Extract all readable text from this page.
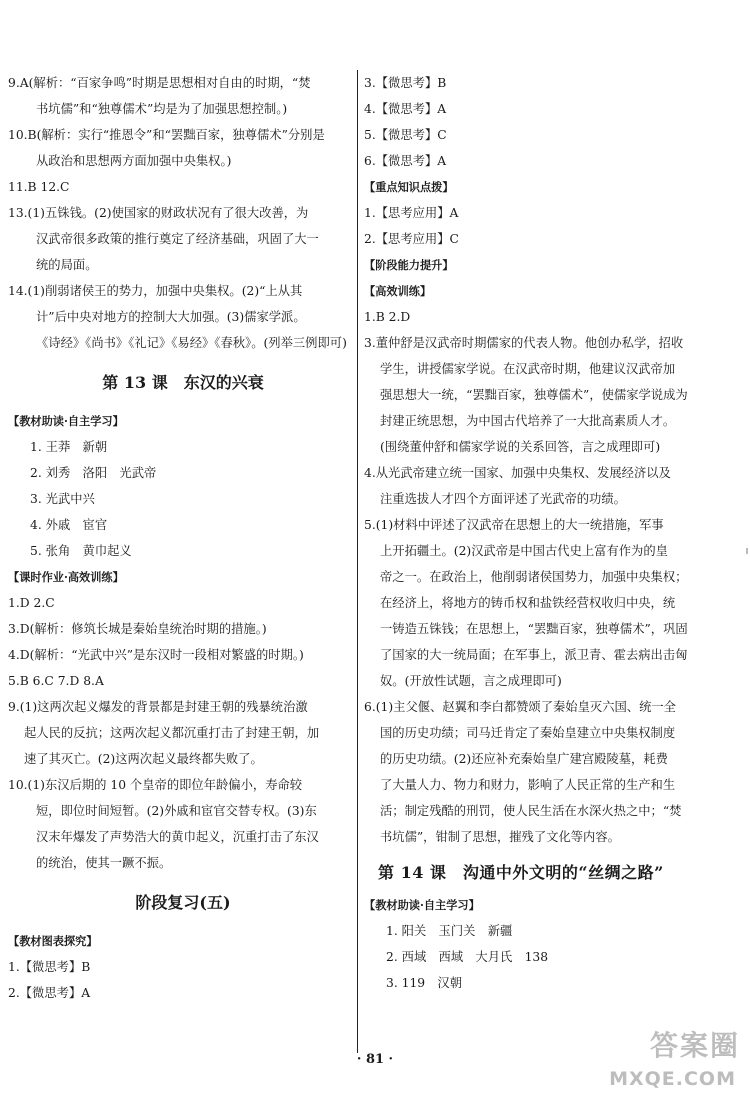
9.A(解析：“百家争鸣”时期是思想相对自由的时期，“焚
书坑儒”和“独尊儒术”均是为了加强思想控制。)
10.B(解析：实行“推恩令”和“罢黜百家，独尊儒术”分别是
从政治和思想两方面加强中央集权。)
11.B 12.C
13.(1)五铢钱。(2)使国家的财政状况有了很大改善，为
汉武帝很多政策的推行奠定了经济基础，巩固了大一
统的局面。
14.(1)削弱诸侯王的势力，加强中央集权。(2)“上从其
计”后中央对地方的控制大大加强。(3)儒家学派。
《诗经》《尚书》《礼记》《易经》《春秋》。(列举三例即可)
第 13 课　东汉的兴衰
【教材助读·自主学习】
1. 王莽　新朝
2. 刘秀　洛阳　光武帝
3. 光武中兴
4. 外戚　宦官
5. 张角　黄巾起义
【课时作业·高效训练】
1.D 2.C
3.D(解析：修筑长城是秦始皇统治时期的措施。)
4.D(解析：“光武中兴”是东汉时一段相对繁盛的时期。)
5.B 6.C 7.D 8.A
9.(1)这两次起义爆发的背景都是封建王朝的残暴统治激
起人民的反抗；这两次起义都沉重打击了封建王朝，加
速了其灭亡。(2)这两次起义最终都失败了。
10.(1)东汉后期的 10 个皇帝的即位年龄偏小，寿命较
短，即位时间短暂。(2)外戚和宦官交替专权。(3)东
汉末年爆发了声势浩大的黄巾起义，沉重打击了东汉
的统治，使其一蹶不振。
阶段复习(五)
【教材图表探究】
1.【微思考】B
2.【微思考】A
3.【微思考】B
4.【微思考】A
5.【微思考】C
6.【微思考】A
【重点知识点拨】
1.【思考应用】A
2.【思考应用】C
【阶段能力提升】
【高效训练】
1.B 2.D
3.董仲舒是汉武帝时期儒家的代表人物。他创办私学，招收
学生，讲授儒家学说。在汉武帝时期，他建议汉武帝加
强思想大一统，“罢黜百家，独尊儒术”，使儒家学说成为
封建正统思想，为中国古代培养了一大批高素质人才。
(围绕董仲舒和儒家学说的关系回答，言之成理即可)
4.从光武帝建立统一国家、加强中央集权、发展经济以及
注重选拔人才四个方面评述了光武帝的功绩。
5.(1)材料中评述了汉武帝在思想上的大一统措施，军事
上开拓疆土。(2)汉武帝是中国古代史上富有作为的皇
帝之一。在政治上，他削弱诸侯国势力，加强中央集权；
在经济上，将地方的铸币权和盐铁经营权收归中央，统
一铸造五铢钱；在思想上，“罢黜百家，独尊儒术”，巩固
了国家的大一统局面；在军事上，派卫青、霍去病出击匈
奴。(开放性试题，言之成理即可)
6.(1)主父偃、赵翼和李白都赞颂了秦始皇灭六国、统一全
国的历史功绩；司马迁肯定了秦始皇建立中央集权制度
的历史功绩。(2)还应补充秦始皇广建宫殿陵墓，耗费
了大量人力、物力和财力，影响了人民正常的生产和生
活；制定残酷的刑罚，使人民生活在水深火热之中；“焚
书坑儒”，钳制了思想，摧残了文化等内容。
第 14 课　沟通中外文明的“丝绸之路”
【教材助读·自主学习】
1. 阳关　玉门关　新疆
2. 西域　西域　大月氏　138
3. 119　汉朝
· 81 ·	答案圈
MXQE.COM
